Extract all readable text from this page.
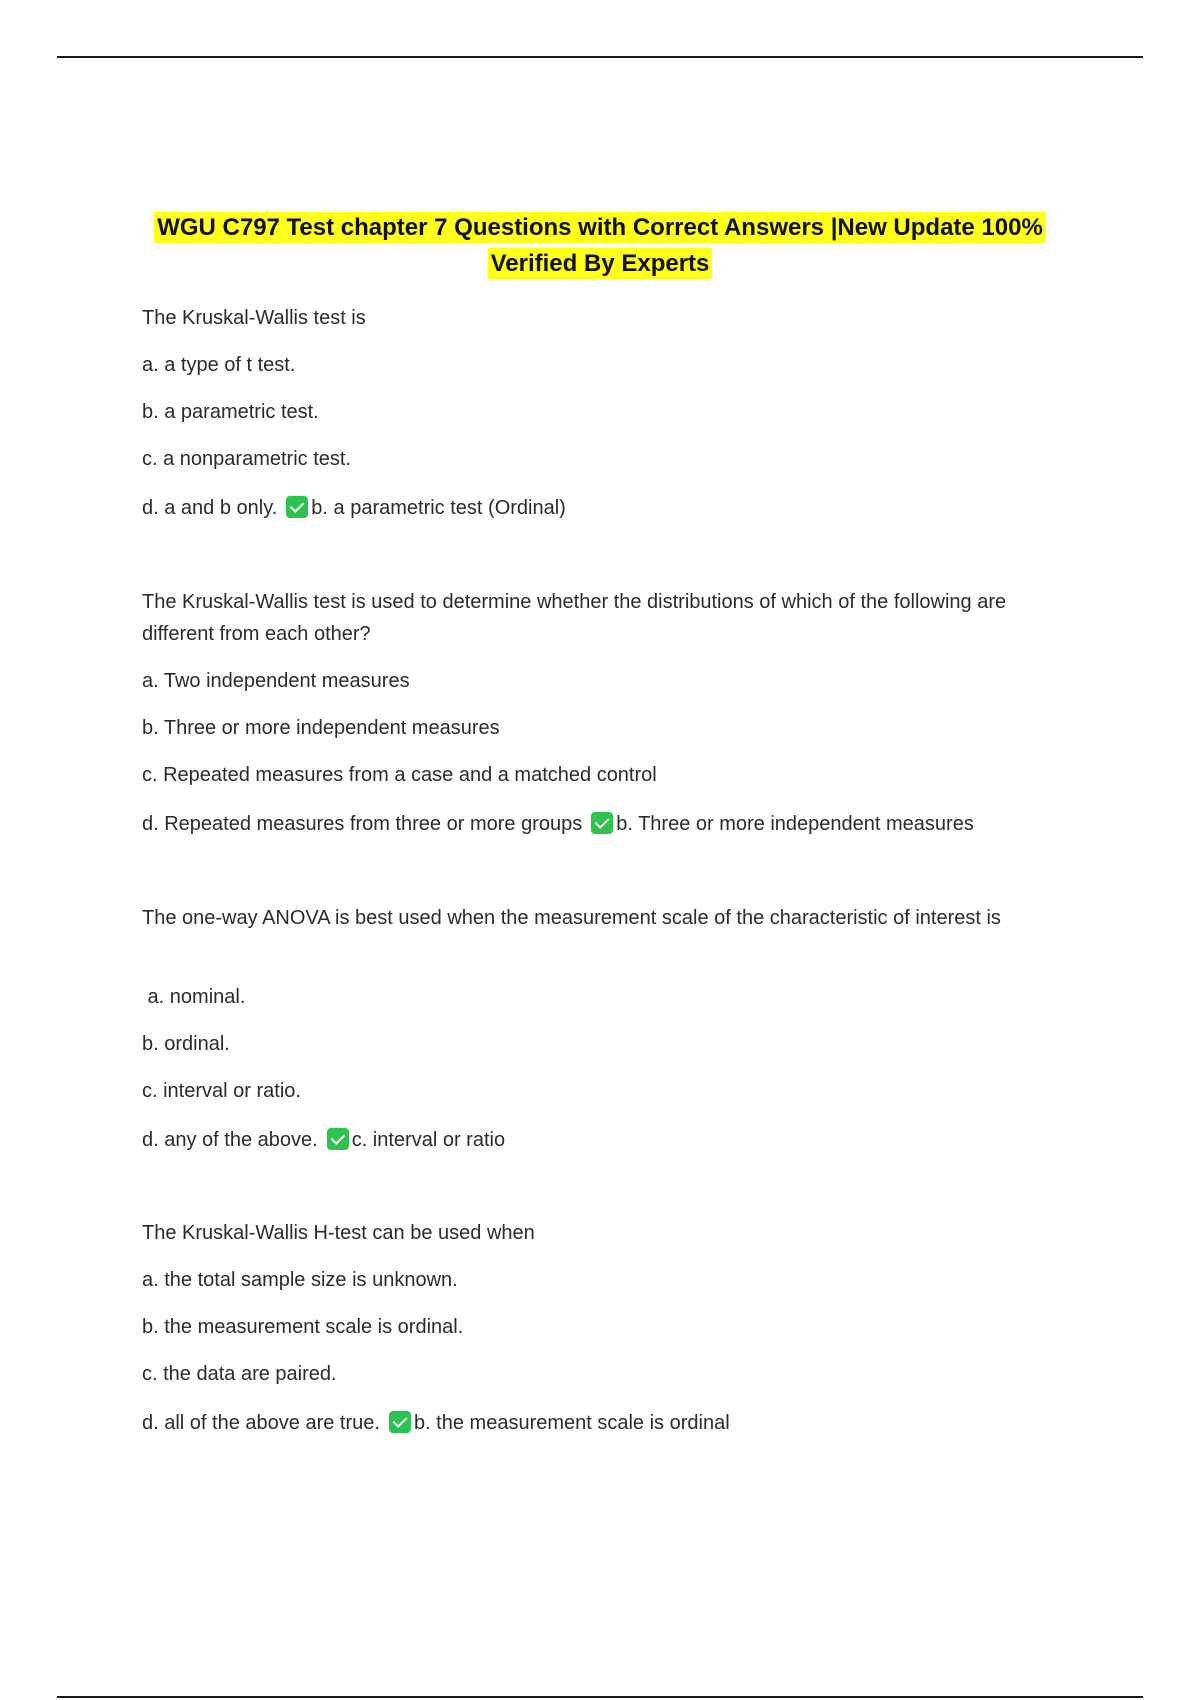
WGU C797 Test chapter 7 Questions with Correct Answers |New Update 100%
Verified By Experts
The Kruskal-Wallis test is
a. a type of t test.
b. a parametric test.
c. a nonparametric test.
d. a and b only. b. a parametric test (Ordinal)
The Kruskal-Wallis test is used to determine whether the distributions of which of the following are different from each other?
a. Two independent measures
b. Three or more independent measures
c. Repeated measures from a case and a matched control
d. Repeated measures from three or more groups b. Three or more independent measures
The one-way ANOVA is best used when the measurement scale of the characteristic of interest is
a. nominal.
b. ordinal.
c. interval or ratio.
d. any of the above. c. interval or ratio
The Kruskal-Wallis H-test can be used when
a. the total sample size is unknown.
b. the measurement scale is ordinal.
c. the data are paired.
d. all of the above are true. b. the measurement scale is ordinal
